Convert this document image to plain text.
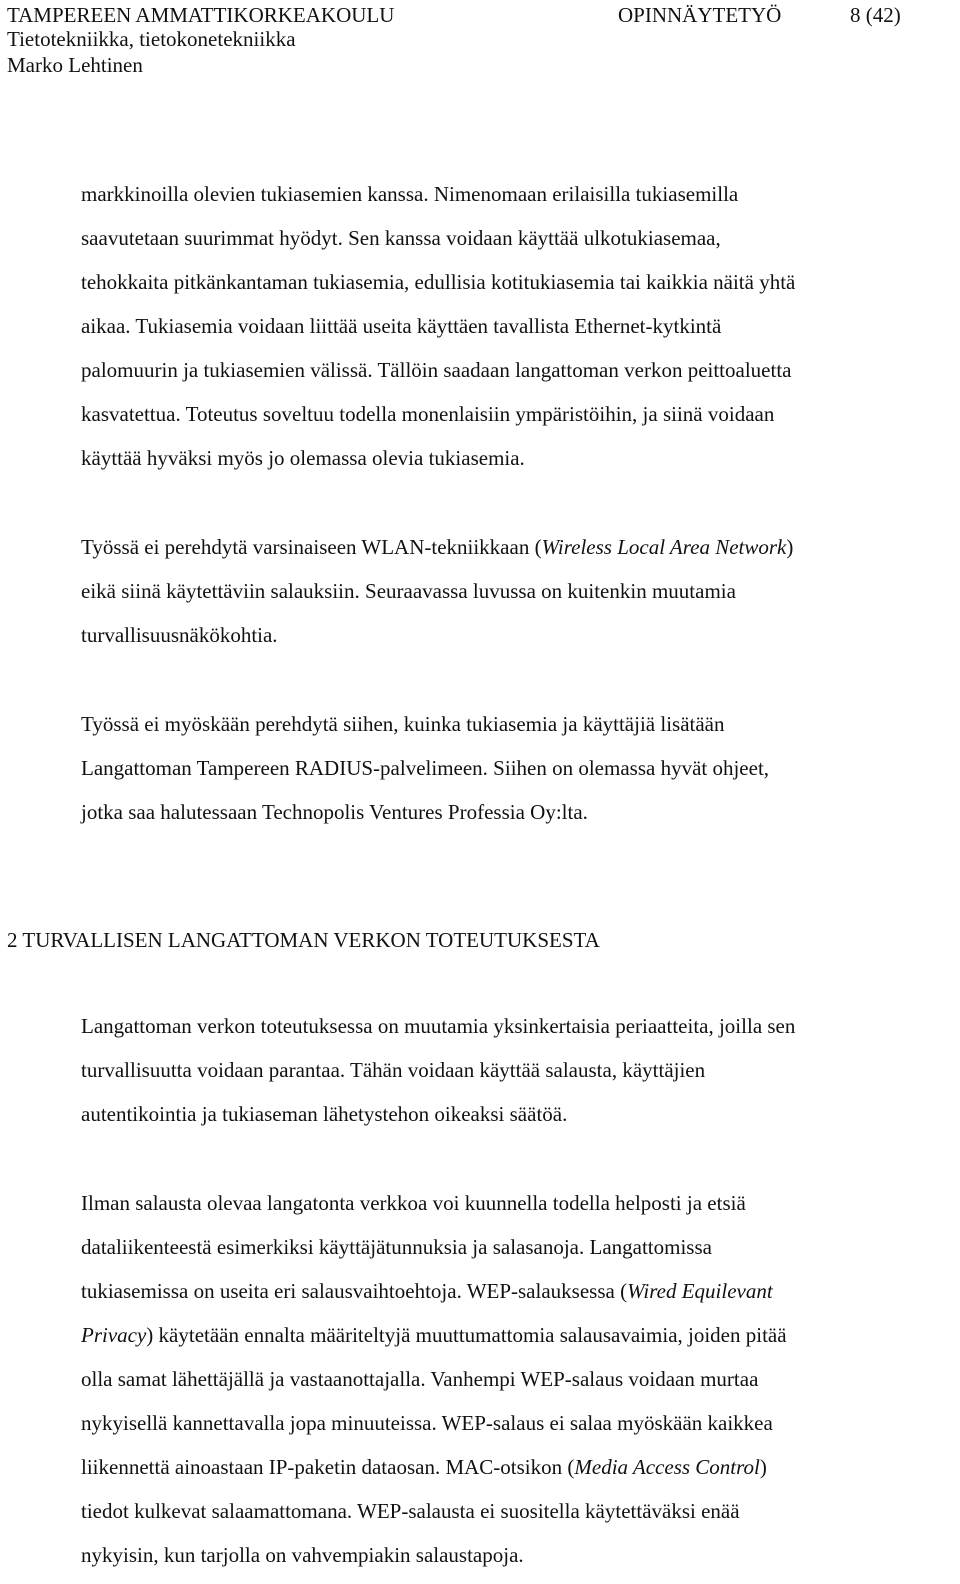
TAMPEREEN AMMATTIKORKEAKOULU	OPINNÄYTETYÖ	8 (42)
Tietotekniikka, tietokonetekniikka
Marko Lehtinen

markkinoilla olevien tukiasemien kanssa. Nimenomaan erilaisilla tukiasemilla
saavutetaan suurimmat hyödyt. Sen kanssa voidaan käyttää ulkotukiasemaa,
tehokkaita pitkänkantaman tukiasemia, edullisia kotitukiasemia tai kaikkia näitä yhtä
aikaa. Tukiasemia voidaan liittää useita käyttäen tavallista Ethernet-kytkintä
palomuurin ja tukiasemien välissä. Tällöin saadaan langattoman verkon peittoaluetta
kasvatettua. Toteutus soveltuu todella monenlaisiin ympäristöihin, ja siinä voidaan
käyttää hyväksi myös jo olemassa olevia tukiasemia.

Työssä ei perehdytä varsinaiseen WLAN-tekniikkaan (Wireless Local Area Network)
eikä siinä käytettäviin salauksiin. Seuraavassa luvussa on kuitenkin muutamia
turvallisuusnäkökohtia.

Työssä ei myöskään perehdytä siihen, kuinka tukiasemia ja käyttäjiä lisätään
Langattoman Tampereen RADIUS-palvelimeen. Siihen on olemassa hyvät ohjeet,
jotka saa halutessaan Technopolis Ventures Professia Oy:lta.

2 TURVALLISEN LANGATTOMAN VERKON TOTEUTUKSESTA

Langattoman verkon toteutuksessa on muutamia yksinkertaisia periaatteita, joilla sen
turvallisuutta voidaan parantaa. Tähän voidaan käyttää salausta, käyttäjien
autentikointia ja tukiaseman lähetystehon oikeaksi säätöä.

Ilman salausta olevaa langatonta verkkoa voi kuunnella todella helposti ja etsiä
dataliikenteestä esimerkiksi käyttäjätunnuksia ja salasanoja. Langattomissa
tukiasemissa on useita eri salausvaihtoehtoja. WEP-salauksessa (Wired Equilevant
Privacy) käytetään ennalta määriteltyjä muuttumattomia salausavaimia, joiden pitää
olla samat lähettäjällä ja vastaanottajalla. Vanhempi WEP-salaus voidaan murtaa
nykyisellä kannettavalla jopa minuuteissa. WEP-salaus ei salaa myöskään kaikkea
liikennettä ainoastaan IP-paketin dataosan. MAC-otsikon (Media Access Control)
tiedot kulkevat salaamattomana. WEP-salausta ei suositella käytettäväksi enää
nykyisin, kun tarjolla on vahvempiakin salaustapoja.
